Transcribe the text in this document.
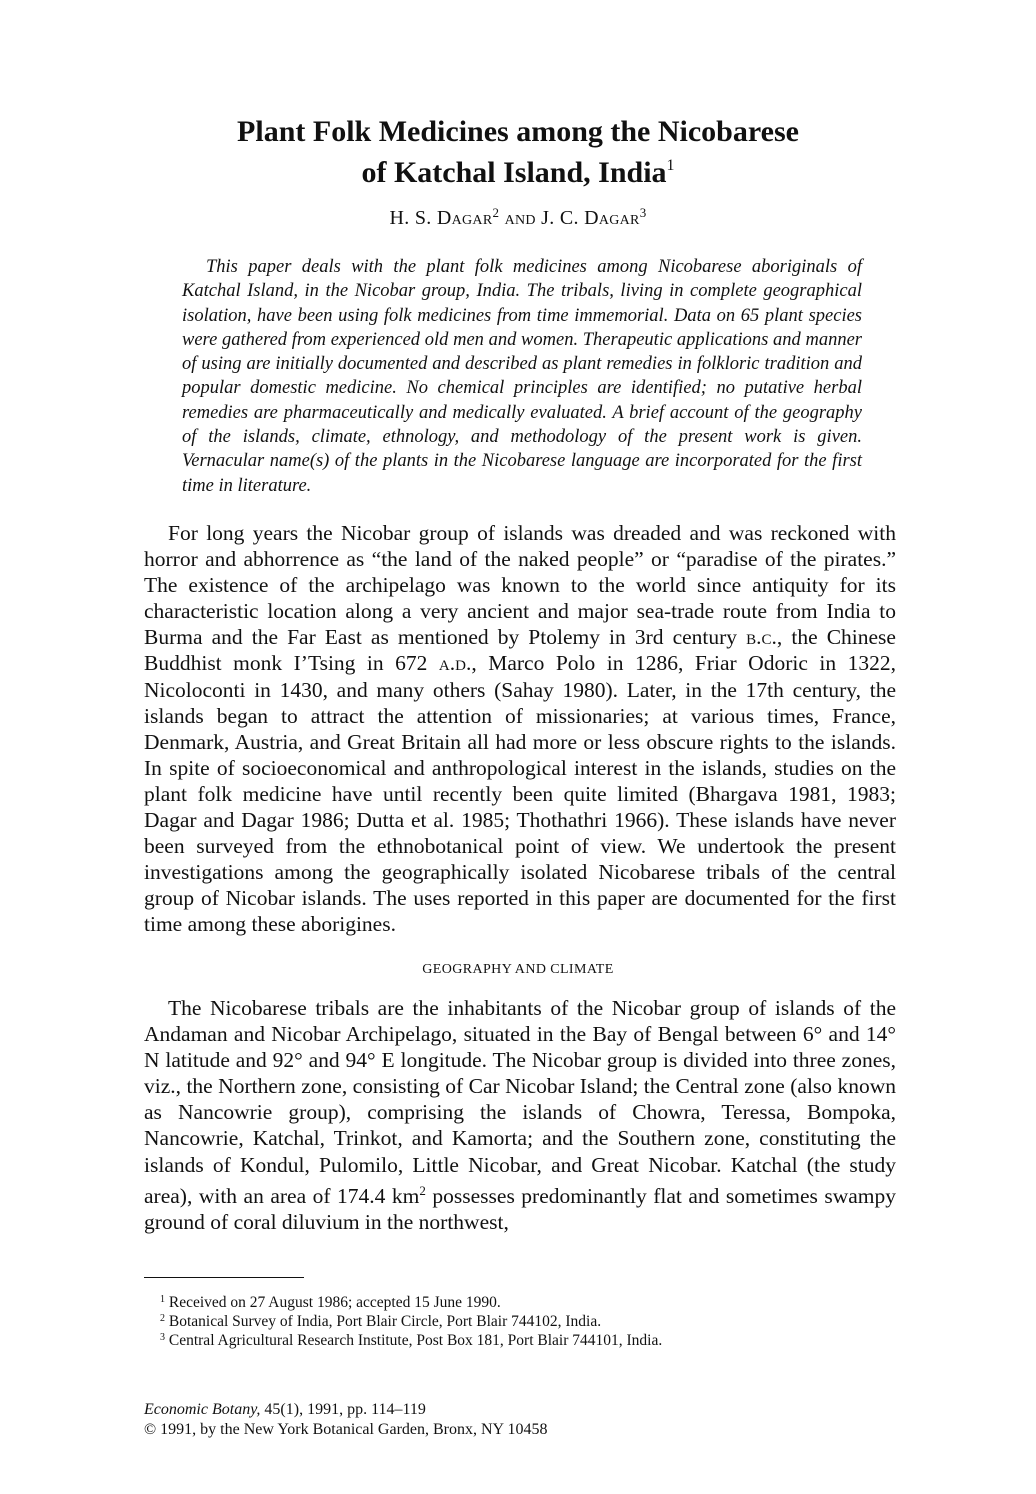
Plant Folk Medicines among the Nicobarese
of Katchal Island, India$^1$
H. S. Dagar$^2$ and J. C. Dagar$^3$
This paper deals with the plant folk medicines among Nicobarese aboriginals of Katchal Island, in the Nicobar group, India. The tribals, living in complete geographical isolation, have been using folk medicines from time immemorial. Data on 65 plant species were gathered from experienced old men and women. Therapeutic applications and manner of using are initially documented and described as plant remedies in folkloric tradition and popular domestic medicine. No chemical principles are identified; no putative herbal remedies are pharmaceutically and medically evaluated. A brief account of the geography of the islands, climate, ethnology, and methodology of the present work is given. Vernacular name(s) of the plants in the Nicobarese language are incorporated for the first time in literature.
For long years the Nicobar group of islands was dreaded and was reckoned with horror and abhorrence as “the land of the naked people” or “paradise of the pirates.” The existence of the archipelago was known to the world since antiquity for its characteristic location along a very ancient and major sea-trade route from India to Burma and the Far East as mentioned by Ptolemy in 3rd century b.c., the Chinese Buddhist monk I’Tsing in 672 a.d., Marco Polo in 1286, Friar Odoric in 1322, Nicoloconti in 1430, and many others (Sahay 1980). Later, in the 17th century, the islands began to attract the attention of missionaries; at various times, France, Denmark, Austria, and Great Britain all had more or less obscure rights to the islands. In spite of socioeconomical and anthropological interest in the islands, studies on the plant folk medicine have until recently been quite limited (Bhargava 1981, 1983; Dagar and Dagar 1986; Dutta et al. 1985; Thothathri 1966). These islands have never been surveyed from the ethnobotanical point of view. We undertook the present investigations among the geographically isolated Nicobarese tribals of the central group of Nicobar islands. The uses reported in this paper are documented for the first time among these aborigines.
GEOGRAPHY AND CLIMATE
The Nicobarese tribals are the inhabitants of the Nicobar group of islands of the Andaman and Nicobar Archipelago, situated in the Bay of Bengal between 6° and 14° N latitude and 92° and 94° E longitude. The Nicobar group is divided into three zones, viz., the Northern zone, consisting of Car Nicobar Island; the Central zone (also known as Nancowrie group), comprising the islands of Chowra, Teressa, Bompoka, Nancowrie, Katchal, Trinkot, and Kamorta; and the Southern zone, constituting the islands of Kondul, Pulomilo, Little Nicobar, and Great Nicobar. Katchal (the study area), with an area of 174.4 $km^2$ possesses predominantly flat and sometimes swampy ground of coral diluvium in the northwest,
$^1$ Received on 27 August 1986; accepted 15 June 1990.
$^2$ Botanical Survey of India, Port Blair Circle, Port Blair 744102, India.
$^3$ Central Agricultural Research Institute, Post Box 181, Port Blair 744101, India.
Economic Botany, 45(1), 1991, pp. 114–119
© 1991, by the New York Botanical Garden, Bronx, NY 10458
